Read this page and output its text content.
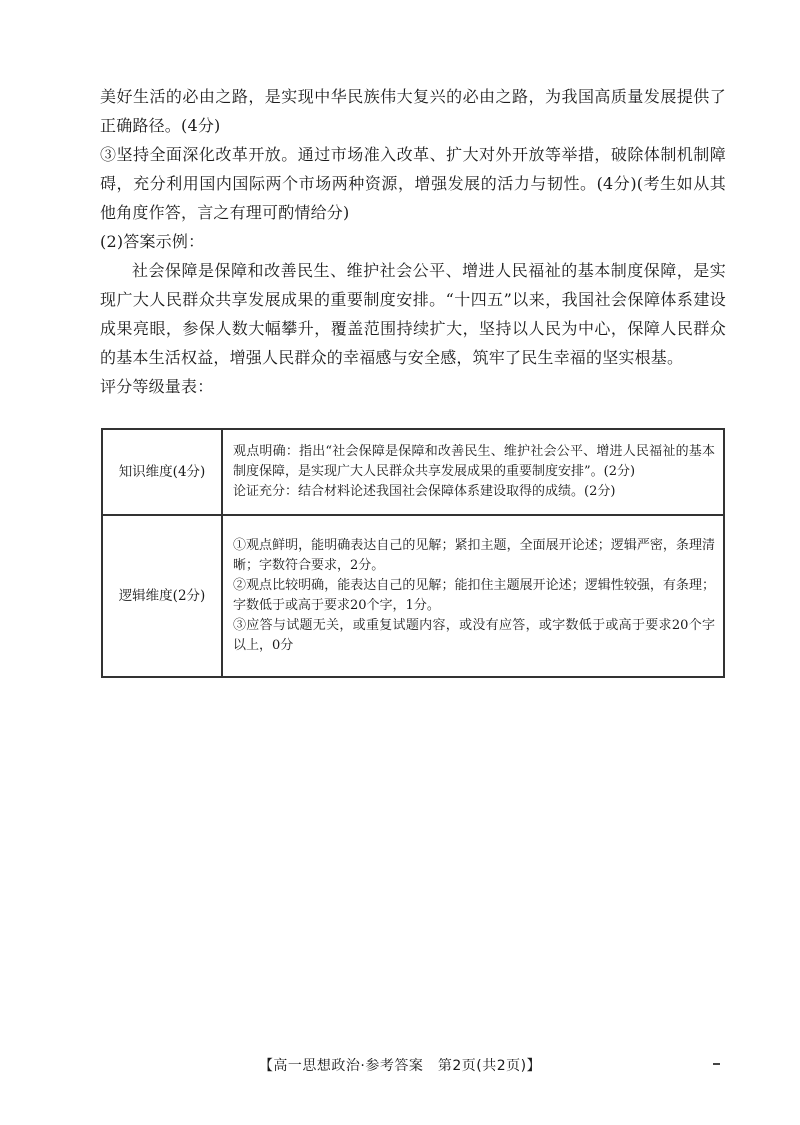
美好生活的必由之路，是实现中华民族伟大复兴的必由之路，为我国高质量发展提供了正确路径。(4分)

③坚持全面深化改革开放。通过市场准入改革、扩大对外开放等举措，破除体制机制障碍，充分利用国内国际两个市场两种资源，增强发展的活力与韧性。(4分)(考生如从其他角度作答，言之有理可酌情给分)

(2)答案示例：

社会保障是保障和改善民生、维护社会公平、增进人民福祉的基本制度保障，是实现广大人民群众共享发展成果的重要制度安排。“十四五”以来，我国社会保障体系建设成果亮眼，参保人数大幅攀升，覆盖范围持续扩大，坚持以人民为中心，保障人民群众的基本生活权益，增强人民群众的幸福感与安全感，筑牢了民生幸福的坚实根基。

评分等级量表：

知识维度(4分)	观点明确：指出“社会保障是保障和改善民生、维护社会公平、增进人民福祉的基本制度保障，是实现广大人民群众共享发展成果的重要制度安排”。(2分)

论证充分：结合材料论述我国社会保障体系建设取得的成绩。(2分)

逻辑维度(2分)	①观点鲜明，能明确表达自己的见解；紧扣主题，全面展开论述；逻辑严密，条理清晰；字数符合要求，2分。

②观点比较明确，能表达自己的见解；能扣住主题展开论述；逻辑性较强，有条理；字数低于或高于要求20个字，1分。

③应答与试题无关，或重复试题内容，或没有应答，或字数低于或高于要求20个字以上，0分

【高一思想政治·参考答案　第2页(共2页)】
